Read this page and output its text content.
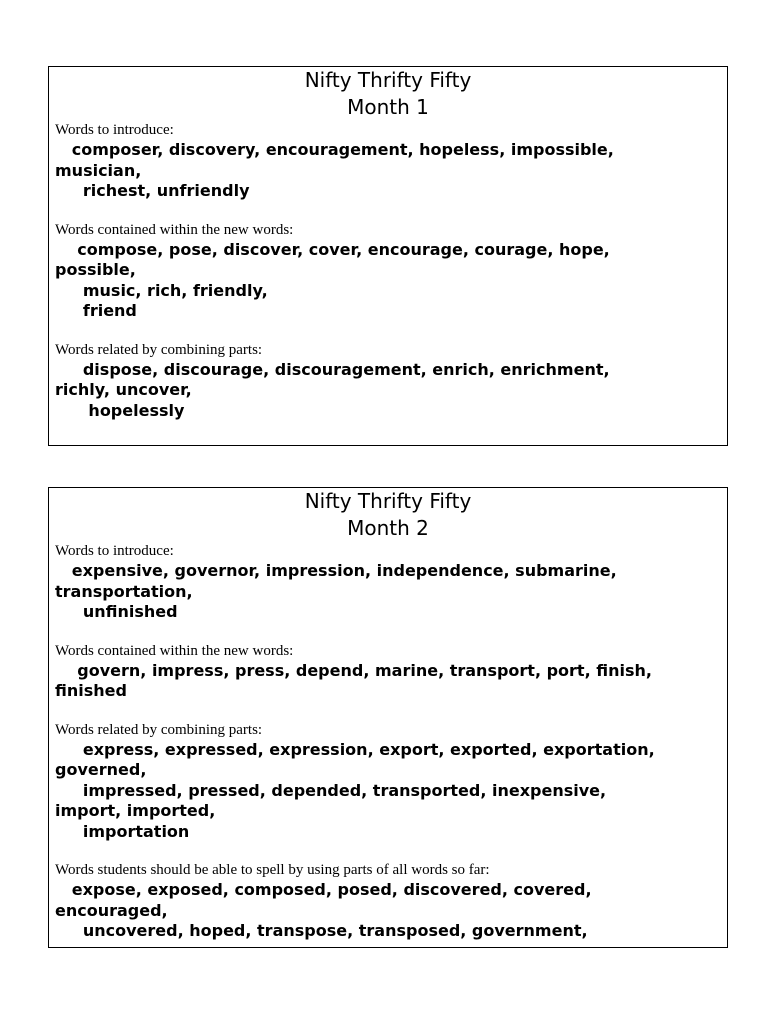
Nifty Thrifty Fifty
Month 1
Words to introduce:
composer, discovery, encouragement, hopeless, impossible,
musician,
richest, unfriendly
Words contained within the new words:
compose, pose, discover, cover, encourage, courage, hope,
possible,
music, rich, friendly,
friend
Words related by combining parts:
dispose, discourage, discouragement, enrich, enrichment,
richly, uncover,
hopelessly
Nifty Thrifty Fifty
Month 2
Words to introduce:
expensive, governor, impression, independence, submarine,
transportation,
unfinished
Words contained within the new words:
govern, impress, press, depend, marine, transport, port, finish,
finished
Words related by combining parts:
express, expressed, expression, export, exported, exportation,
governed,
impressed, pressed, depended, transported, inexpensive,
import, imported,
importation
Words students should be able to spell by using parts of all words so far:
expose, exposed, composed, posed, discovered, covered,
encouraged,
uncovered, hoped, transpose, transposed, government,
